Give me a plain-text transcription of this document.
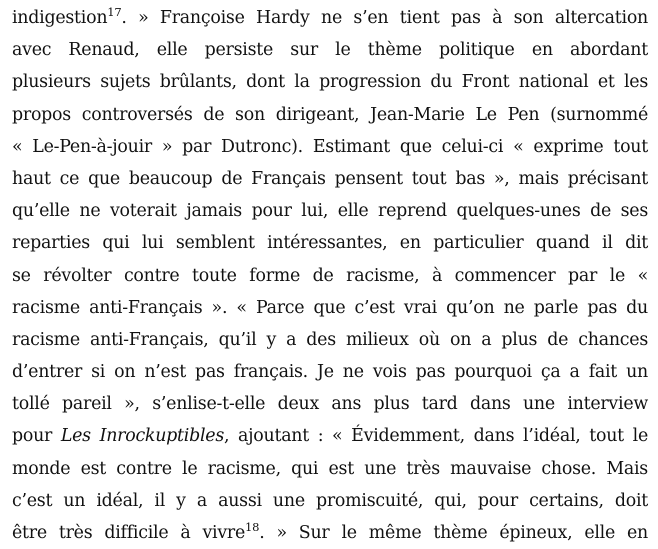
indigestion$^{17}$. » Françoise Hardy ne s’en tient pas à son altercation
avec Renaud, elle persiste sur le thème politique en abordant
plusieurs sujets brûlants, dont la progression du Front national et les
propos controversés de son dirigeant, Jean-Marie Le Pen (surnommé
« Le-Pen-à-jouir » par Dutronc). Estimant que celui-ci « exprime tout
haut ce que beaucoup de Français pensent tout bas », mais précisant
qu’elle ne voterait jamais pour lui, elle reprend quelques-unes de ses
reparties qui lui semblent intéressantes, en particulier quand il dit
se révolter contre toute forme de racisme, à commencer par le «
racisme anti-Français ». « Parce que c’est vrai qu’on ne parle pas du
racisme anti-Français, qu’il y a des milieux où on a plus de chances
d’entrer si on n’est pas français. Je ne vois pas pourquoi ça a fait un
tollé pareil », s’enlise-t-elle deux ans plus tard dans une interview
pour Les Inrockuptibles, ajoutant : « Évidemment, dans l’idéal, tout le
monde est contre le racisme, qui est une très mauvaise chose. Mais
c’est un idéal, il y a aussi une promiscuité, qui, pour certains, doit
être très difficile à vivre$^{18}$. » Sur le même thème épineux, elle en
